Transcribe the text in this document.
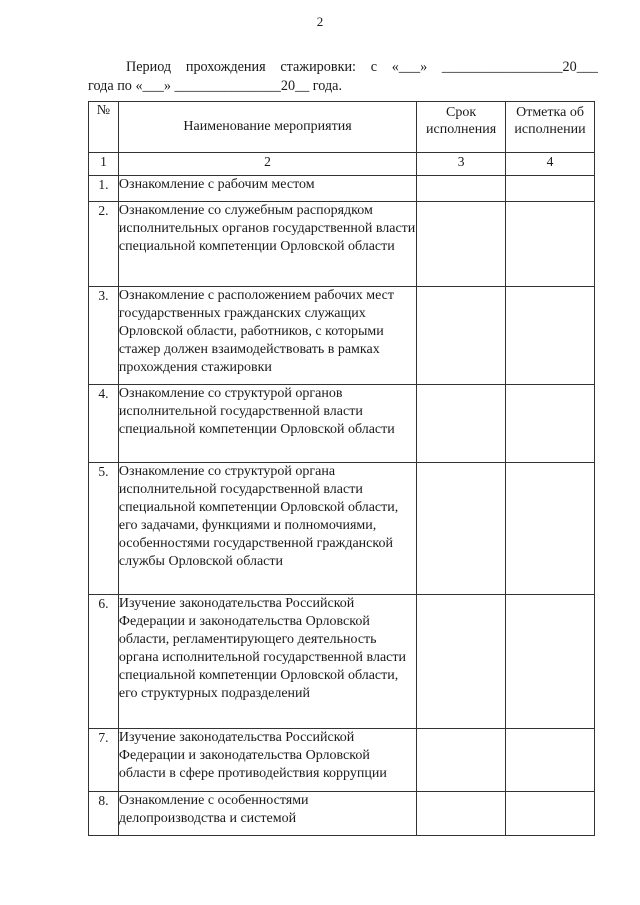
2
Период прохождения стажировки: с «___» _________________20___
года по «___» _______________20__ года.
№	Наименование мероприятия	Срок исполнения	Отметка об исполнении
1	2	3	4
1.	Ознакомление с рабочим местом		
2.	Ознакомление со служебным распорядком исполнительных органов государственной власти специальной компетенции Орловской области		
3.	Ознакомление с расположением рабочих мест государственных гражданских служащих Орловской области, работников, с которыми стажер должен взаимодействовать в рамках прохождения стажировки		
4.	Ознакомление со структурой органов исполнительной государственной власти специальной компетенции Орловской области		
5.	Ознакомление со структурой органа исполнительной государственной власти специальной компетенции Орловской области, его задачами, функциями и полномочиями, особенностями государственной гражданской службы Орловской области		
6.	Изучение законодательства Российской Федерации и законодательства Орловской области, регламентирующего деятельность органа исполнительной государственной власти специальной компетенции Орловской области, его структурных подразделений		
7.	Изучение законодательства Российской Федерации и законодательства Орловской области в сфере противодействия коррупции		
8.	Ознакомление с особенностями делопроизводства и системой		
